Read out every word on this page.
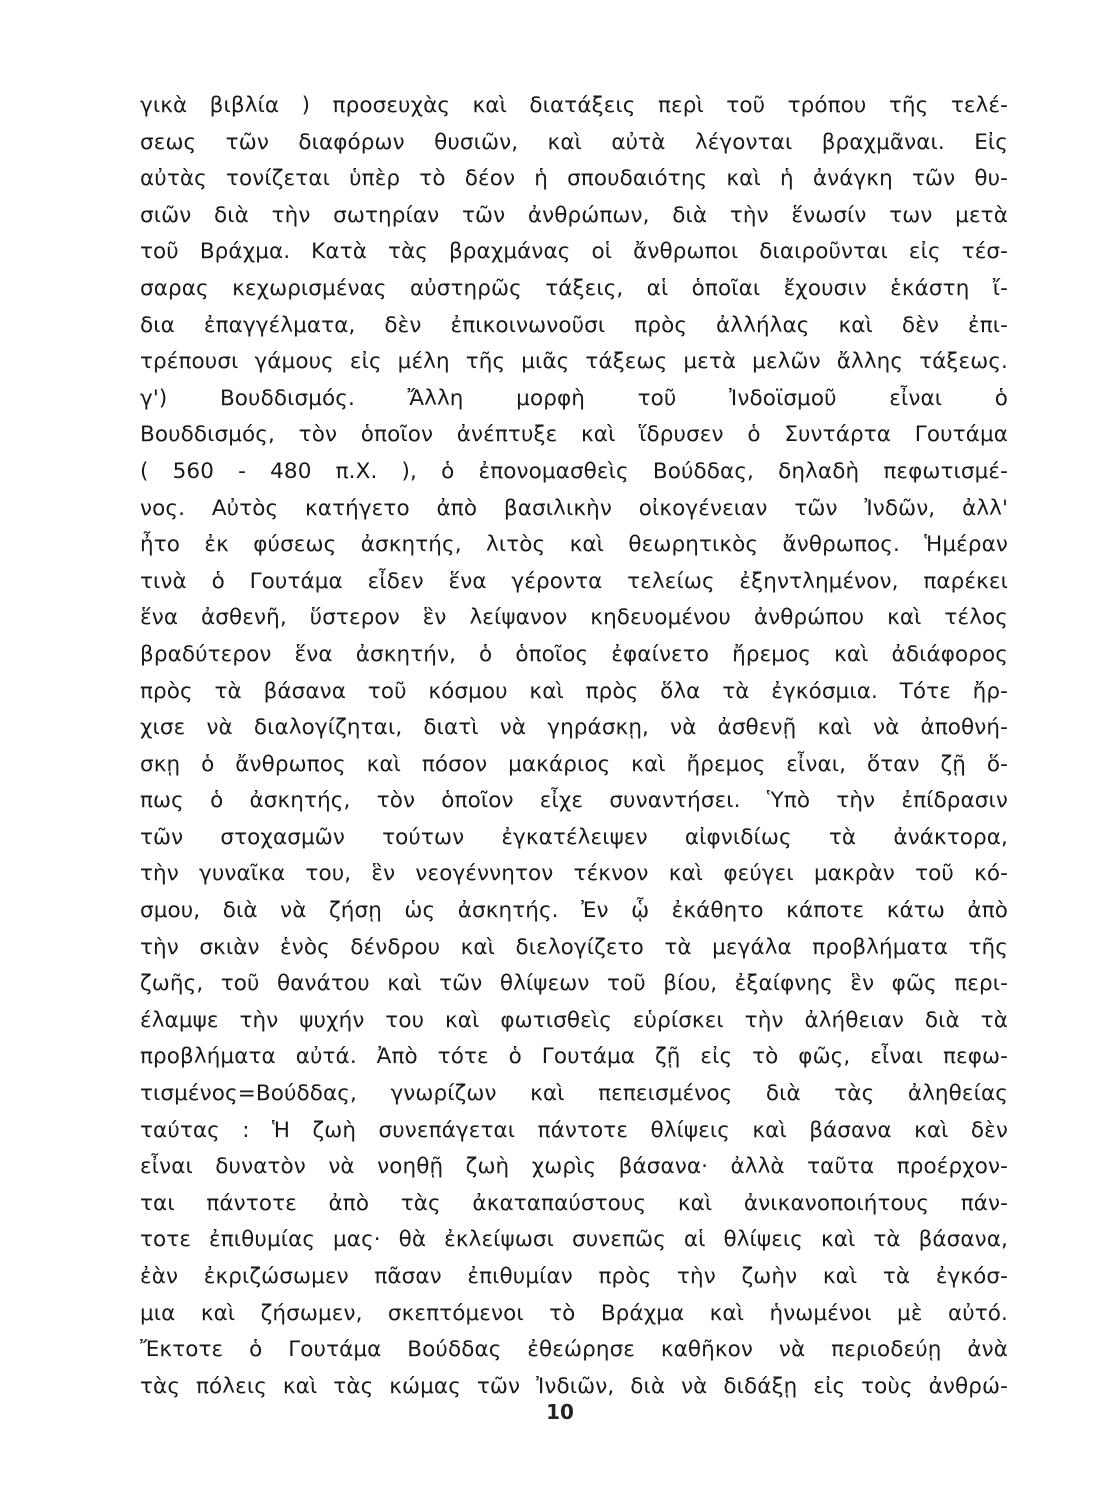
γικὰ βιβλία ) προσευχὰς καὶ διατάξεις περὶ τοῦ τρόπου τῆς τελέ-
σεως τῶν διαφόρων θυσιῶν, καὶ αὐτὰ λέγονται βραχμᾶναι. Εἰς
αὐτὰς τονίζεται ὑπὲρ τὸ δέον ἡ σπουδαιότης καὶ ἡ ἀνάγκη τῶν θυ-
σιῶν διὰ τὴν σωτηρίαν τῶν ἀνθρώπων, διὰ τὴν ἕνωσίν των μετὰ
τοῦ Βράχμα. Κατὰ τὰς βραχμάνας οἱ ἄνθρωποι διαιροῦνται εἰς τέσ-
σαρας κεχωρισμένας αὐστηρῶς τάξεις, αἱ ὁποῖαι ἔχουσιν ἑκάστη ἴ-
δια ἐπαγγέλματα, δὲν ἐπικοινωνοῦσι πρὸς ἀλλήλας καὶ δὲν ἐπι-
τρέπουσι γάμους εἰς μέλη τῆς μιᾶς τάξεως μετὰ μελῶν ἄλλης τάξεως.
γ') Βουδδισμός. Ἄλλη μορφὴ τοῦ Ἰνδοϊσμοῦ εἶναι ὁ
Βουδδισμός, τὸν ὁποῖον ἀνέπτυξε καὶ ἵδρυσεν ὁ Συντάρτα Γουτάμα
( 560 - 480 π.Χ. ), ὁ ἐπονομασθεὶς Βούδδας, δηλαδὴ πεφωτισμέ-
νος. Αὐτὸς κατήγετο ἀπὸ βασιλικὴν οἰκογένειαν τῶν Ἰνδῶν, ἀλλ'
ἦτο ἐκ φύσεως ἀσκητής, λιτὸς καὶ θεωρητικὸς ἄνθρωπος. Ἡμέραν
τινὰ ὁ Γουτάμα εἶδεν ἕνα γέροντα τελείως ἐξηντλημένον, παρέκει
ἕνα ἀσθενῆ, ὕστερον ἓν λείψανον κηδευομένου ἀνθρώπου καὶ τέλος
βραδύτερον ἕνα ἀσκητήν, ὁ ὁποῖος ἐφαίνετο ἤρεμος καὶ ἀδιάφορος
πρὸς τὰ βάσανα τοῦ κόσμου καὶ πρὸς ὅλα τὰ ἐγκόσμια. Τότε ἤρ-
χισε νὰ διαλογίζηται, διατὶ νὰ γηράσκῃ, νὰ ἀσθενῇ καὶ νὰ ἀποθνή-
σκῃ ὁ ἄνθρωπος καὶ πόσον μακάριος καὶ ἤρεμος εἶναι, ὅταν ζῇ ὅ-
πως ὁ ἀσκητής, τὸν ὁποῖον εἶχε συναντήσει. Ὑπὸ τὴν ἐπίδρασιν
τῶν στοχασμῶν τούτων ἐγκατέλειψεν αἰφνιδίως τὰ ἀνάκτορα,
τὴν γυναῖκα του, ἓν νεογέννητον τέκνον καὶ φεύγει μακρὰν τοῦ κό-
σμου, διὰ νὰ ζήσῃ ὡς ἀσκητής. Ἐν ᾧ ἐκάθητο κάποτε κάτω ἀπὸ
τὴν σκιὰν ἑνὸς δένδρου καὶ διελογίζετο τὰ μεγάλα προβλήματα τῆς
ζωῆς, τοῦ θανάτου καὶ τῶν θλίψεων τοῦ βίου, ἐξαίφνης ἓν φῶς περι-
έλαμψε τὴν ψυχήν του καὶ φωτισθεὶς εὑρίσκει τὴν ἀλήθειαν διὰ τὰ
προβλήματα αὐτά. Ἀπὸ τότε ὁ Γουτάμα ζῇ εἰς τὸ φῶς, εἶναι πεφω-
τισμένος=Βούδδας, γνωρίζων καὶ πεπεισμένος διὰ τὰς ἀληθείας
ταύτας : Ἡ ζωὴ συνεπάγεται πάντοτε θλίψεις καὶ βάσανα καὶ δὲν
εἶναι δυνατὸν νὰ νοηθῇ ζωὴ χωρὶς βάσανα· ἀλλὰ ταῦτα προέρχον-
ται πάντοτε ἀπὸ τὰς ἀκαταπαύστους καὶ ἀνικανοποιήτους πάν-
τοτε ἐπιθυμίας μας· θὰ ἐκλείψωσι συνεπῶς αἱ θλίψεις καὶ τὰ βάσανα,
ἐὰν ἐκριζώσωμεν πᾶσαν ἐπιθυμίαν πρὸς τὴν ζωὴν καὶ τὰ ἐγκόσ-
μια καὶ ζήσωμεν, σκεπτόμενοι τὸ Βράχμα καὶ ἡνωμένοι μὲ αὐτό.
Ἔκτοτε ὁ Γουτάμα Βούδδας ἐθεώρησε καθῆκον νὰ περιοδεύῃ ἀνὰ
τὰς πόλεις καὶ τὰς κώμας τῶν Ἰνδιῶν, διὰ νὰ διδάξῃ εἰς τοὺς ἀνθρώ-
10
